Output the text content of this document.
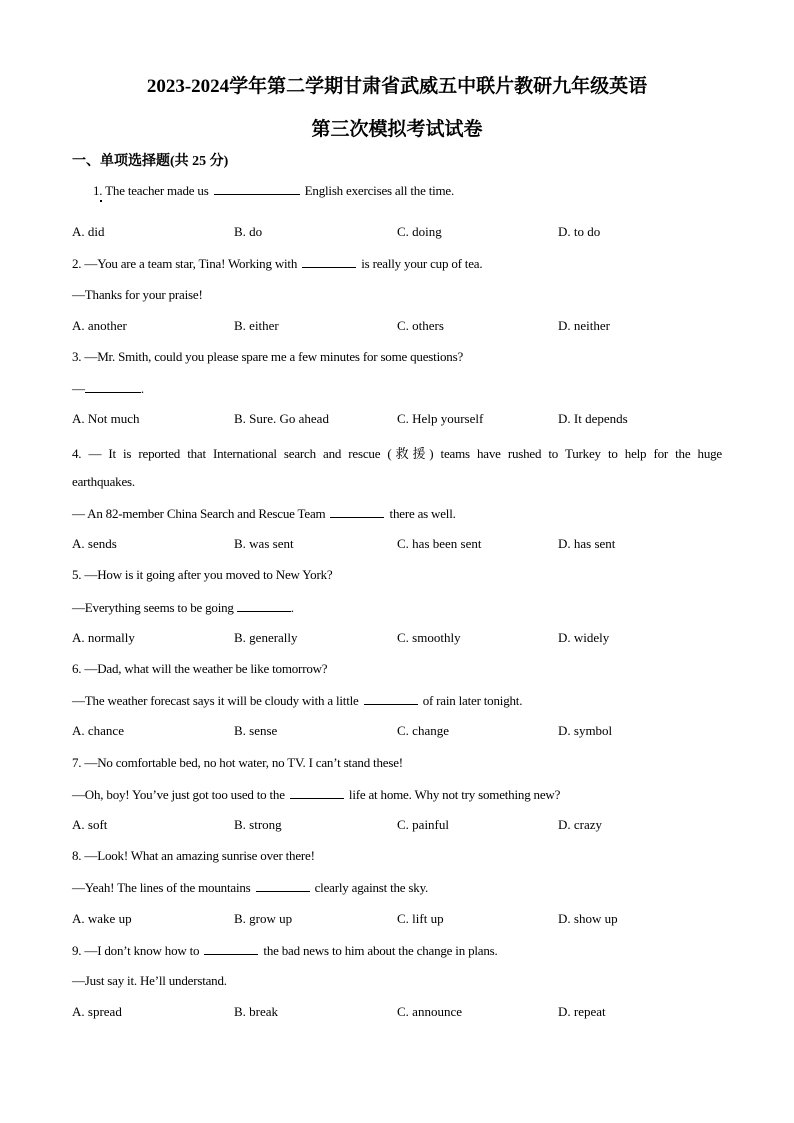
2023-2024学年第二学期甘肃省武威五中联片教研九年级英语
第三次模拟考试试卷
一、单项选择题(共 25 分)
1. The teacher made us	English exercises all the time.
A. did	B. do	C. doing	D. to do
2. —You are a team star, Tina! Working with	is really your cup of tea.
—Thanks for your praise!
A. another	B. either	C. others	D. neither
3. —Mr. Smith, could you please spare me a few minutes for some questions?
—	.
A. Not much	B. Sure. Go ahead	C. Help yourself	D. It depends
4. — It is reported that International search and rescue (救援) teams have rushed to Turkey to help for the huge
earthquakes.
— An 82-member China Search and Rescue Team	there as well.
A. sends	B. was sent	C. has been sent	D. has sent
5. —How is it going after you moved to New York?
—Everything seems to be going	.
A. normally	B. generally	C. smoothly	D. widely
6. —Dad, what will the weather be like tomorrow?
—The weather forecast says it will be cloudy with a little	of rain later tonight.
A. chance	B. sense	C. change	D. symbol
7. —No comfortable bed, no hot water, no TV. I can’t stand these!
—Oh, boy! You’ve just got too used to the	life at home. Why not try something new?
A. soft	B. strong	C. painful	D. crazy
8. —Look! What an amazing sunrise over there!
—Yeah! The lines of the mountains	clearly against the sky.
A. wake up	B. grow up	C. lift up	D. show up
9. —I don’t know how to	the bad news to him about the change in plans.
—Just say it. He’ll understand.
A. spread	B. break	C. announce	D. repeat
